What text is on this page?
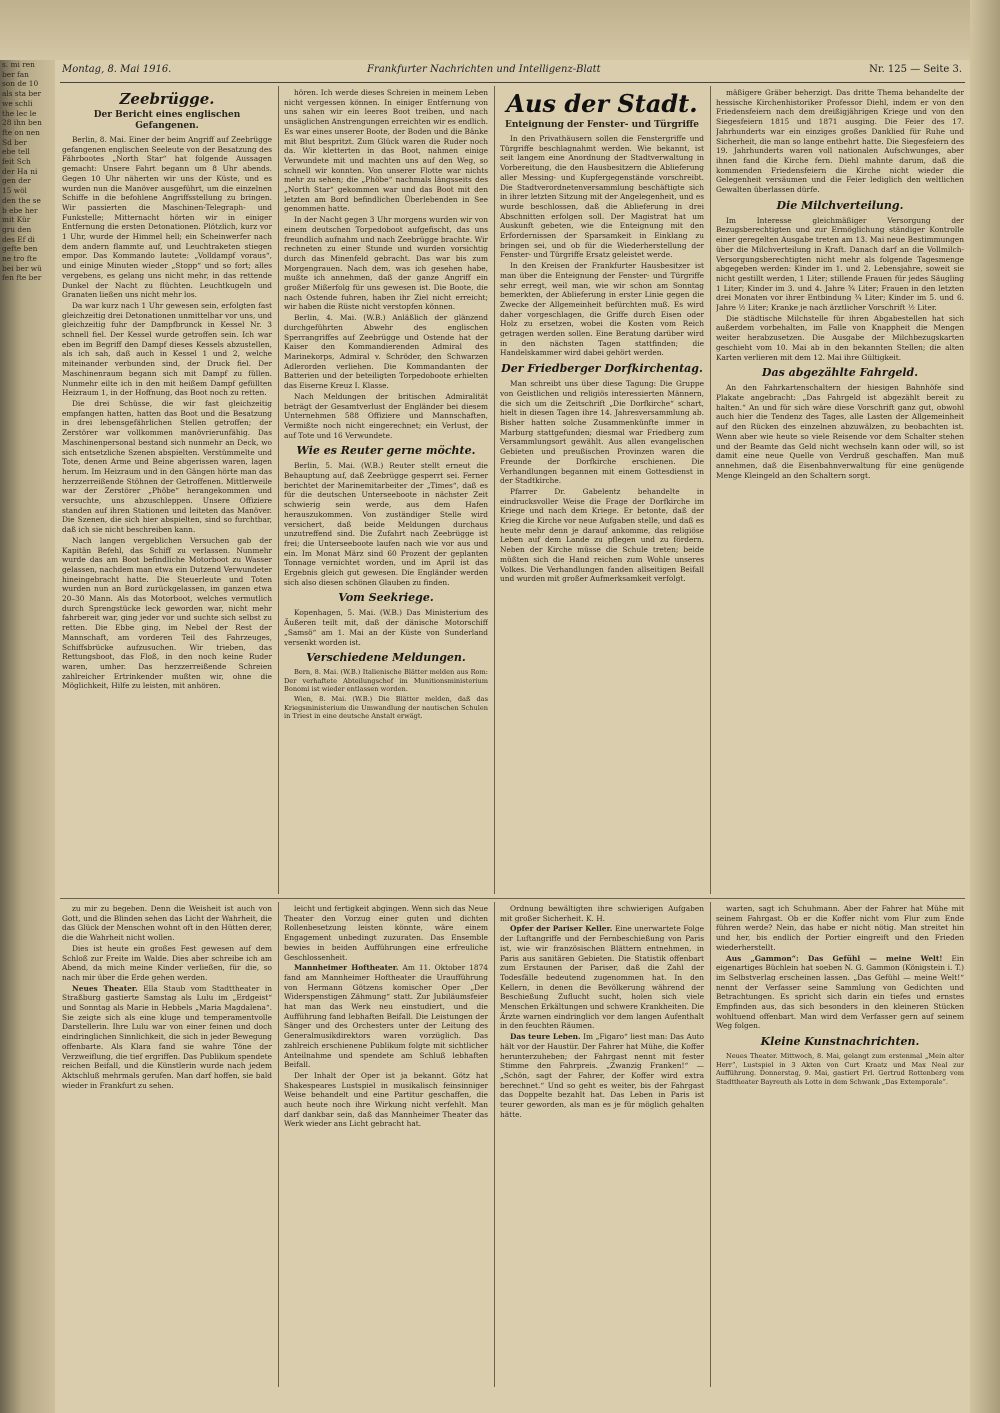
s. mi ren ber fan son de 10 als sta ber we schli the lec le 28 ihn ben fte on nen Sd ber ebe tell feit Sch der Ha ni gen der 15 wöl den the se b ebe her mit Kür gru den des Ef di gefte ben ne tro fte bei ber wü fen fte ber
Montag, 8. Mai 1916.	Frankfurter Nachrichten und Intelligenz-Blatt	Nr. 125 — Seite 3.
Zeebrügge.
Der Bericht eines englischen Gefangenen.

Berlin, 8. Mai. Einer der beim Angriff auf Zeebrügge gefangenen englischen Seeleute von der Besatzung des Fährbootes „North Star“ hat folgende Aussagen gemacht: Unsere Fahrt begann um 8 Uhr abends. Gegen 10 Uhr näherten wir uns der Küste, und es wurden nun die Manöver ausgeführt, um die einzelnen Schiffe in die befohlene Angriffsstellung zu bringen. Wir passierten die Maschinen-Telegraph- und Funkstelle; Mitternacht hörten wir in einiger Entfernung die ersten Detonationen. Plötzlich, kurz vor 1 Uhr, wurde der Himmel hell; ein Scheinwerfer nach dem andern flammte auf, und Leuchtraketen stiegen empor. Das Kommando lautete: „Volldampf voraus“, und einige Minuten wieder „Stopp“ und so fort; alles vergebens, es gelang uns nicht mehr, in das rettende Dunkel der Nacht zu flüchten. Leuchtkugeln und Granaten ließen uns nicht mehr los.

Da war kurz nach 1 Uhr gewesen sein, erfolgten fast gleichzeitig drei Detonationen unmittelbar vor uns, und gleichzeitig fuhr der Dampfbrunck in Kessel Nr. 3 schnell fiel. Der Kessel wurde getroffen sein. Ich war eben im Begriff den Dampf dieses Kessels abzustellen, als ich sah, daß auch in Kessel 1 und 2, welche miteinander verbunden sind, der Druck fiel. Der Maschinenraum begann sich mit Dampf zu füllen. Nunmehr eilte ich in den mit heißem Dampf gefüllten Heizraum 1, in der Hoffnung, das Boot noch zu retten.

Die drei Schüsse, die wir fast gleichzeitig empfangen hatten, hatten das Boot und die Besatzung in drei lebensgefährlichen Stellen getroffen; der Zerstörer war vollkommen manövrierunfähig. Das Maschinenpersonal bestand sich nunmehr an Deck, wo sich entsetzliche Szenen abspielten. Verstümmelte und Tote, denen Arme und Beine abgerissen waren, lagen herum. Im Heizraum und in den Gängen hörte man das herzzerreißende Stöhnen der Getroffenen. Mittlerweile war der Zerstörer „Phöbe“ herangekommen und versuchte, uns abzuschleppen. Unsere Offiziere standen auf ihren Stationen und leiteten das Manöver. Die Szenen, die sich hier abspielten, sind so furchtbar, daß ich sie nicht beschreiben kann.

Nach langen vergeblichen Versuchen gab der Kapitän Befehl, das Schiff zu verlassen. Nunmehr wurde das am Boot befindliche Motorboot zu Wasser gelassen, nachdem man etwa ein Dutzend Verwundeter hineingebracht hatte. Die Steuerleute und Toten wurden nun an Bord zurückgelassen, im ganzen etwa 20–30 Mann. Als das Motorboot, welches vermutlich durch Sprengstücke leck geworden war, nicht mehr fahrbereit war, ging jeder vor und suchte sich selbst zu retten. Die Ebbe ging, im Nebel der Rest der Mannschaft, am vorderen Teil des Fahrzeuges, Schiffsbrücke aufzusuchen. Wir trieben, das Rettungsboot, das Floß, in den noch keine Ruder waren, umher. Das herzzerreißende Schreien zahlreicher Ertrinkender mußten wir, ohne die Möglichkeit, Hilfe zu leisten, mit anhören.

hören. Ich werde dieses Schreien in meinem Leben nicht vergessen können. In einiger Entfernung von uns sahen wir ein leeres Boot treiben, und nach unsäglichen Anstrengungen erreichten wir es endlich. Es war eines unserer Boote, der Boden und die Bänke mit Blut bespritzt. Zum Glück waren die Ruder noch da. Wir kletterten in das Boot, nahmen einige Verwundete mit und machten uns auf den Weg, so schnell wir konnten. Von unserer Flotte war nichts mehr zu sehen; die „Phöbe“ nachmals längsseits des „North Star“ gekommen war und das Boot mit den letzten am Bord befindlichen Überlebenden in See genommen hatte.

In der Nacht gegen 3 Uhr morgens wurden wir von einem deutschen Torpedoboot aufgefischt, das uns freundlich aufnahm und nach Zeebrügge brachte. Wir rechneten zu einer Stunde und wurden vorsichtig durch das Minenfeld gebracht. Das war bis zum Morgengrauen. Nach dem, was ich gesehen habe, mußte ich annehmen, daß der ganze Angriff ein großer Mißerfolg für uns gewesen ist. Die Boote, die nach Ostende fuhren, haben ihr Ziel nicht erreicht; wir haben die Rüste nicht verstopfen können.

Berlin, 4. Mai. (W.B.) Anläßlich der glänzend durchgeführten Abwehr des englischen Sperrangriffes auf Zeebrügge und Ostende hat der Kaiser den Kommandierenden Admiral des Marinekorps, Admiral v. Schröder, den Schwarzen Adlerorden verliehen. Die Kommandanten der Batterien und der beteiligten Torpedoboote erhielten das Eiserne Kreuz I. Klasse.

Nach Meldungen der britischen Admiralität beträgt der Gesamtverlust der Engländer bei diesem Unternehmen 588 Offiziere und Mannschaften, Vermißte noch nicht eingerechnet; ein Verlust, der auf Tote und 16 Verwundete.

Wie es Reuter gerne möchte.

Berlin, 5. Mai. (W.B.) Reuter stellt erneut die Behauptung auf, daß Zeebrügge gesperrt sei. Ferner berichtet der Marinemitarbeiter der „Times“, daß es für die deutschen Unterseeboote in nächster Zeit schwierig sein werde, aus dem Hafen herauszukommen. Von zuständiger Stelle wird versichert, daß beide Meldungen durchaus unzutreffend sind. Die Zufahrt nach Zeebrügge ist frei; die Unterseeboote laufen nach wie vor aus und ein. Im Monat März sind 60 Prozent der geplanten Tonnage vernichtet worden, und im April ist das Ergebnis gleich gut gewesen. Die Engländer werden sich also diesen schönen Glauben zu finden.

Vom Seekriege.

Kopenhagen, 5. Mai. (W.B.) Das Ministerium des Äußeren teilt mit, daß der dänische Motorschiff „Samsö“ am 1. Mai an der Küste von Sunderland versenkt worden ist.

Verschiedene Meldungen.

Bern, 8. Mai. (W.B.) Italienische Blätter melden aus Rom: Der verhaftete Abteilungschef im Munitionsministerium Bonomi ist wieder entlassen worden.

Wien, 8. Mai. (W.B.) Die Blätter melden, daß das Kriegsministerium die Umwandlung der nautischen Schulen in Triest in eine deutsche Anstalt erwägt.

Aus der Stadt.
Enteignung der Fenster- und Türgriffe

In den Privathäusern sollen die Fenstergriffe und Türgriffe beschlagnahmt werden. Wie bekannt, ist seit langem eine Anordnung der Stadtverwaltung in Vorbereitung, die den Hausbesitzern die Ablieferung aller Messing- und Kupfergegenstände vorschreibt. Die Stadtverordnetenversammlung beschäftigte sich in ihrer letzten Sitzung mit der Angelegenheit, und es wurde beschlossen, daß die Ablieferung in drei Abschnitten erfolgen soll. Der Magistrat hat um Auskunft gebeten, wie die Enteignung mit den Erfordernissen der Sparsamkeit in Einklang zu bringen sei, und ob für die Wiederherstellung der Fenster- und Türgriffe Ersatz geleistet werde.

In den Kreisen der Frankfurter Hausbesitzer ist man über die Enteignung der Fenster- und Türgriffe sehr erregt, weil man, wie wir schon am Sonntag bemerkten, der Ablieferung in erster Linie gegen die Zwecke der Allgemeinheit befürchten muß. Es wird daher vorgeschlagen, die Griffe durch Eisen oder Holz zu ersetzen, wobei die Kosten vom Reich getragen werden sollen. Eine Beratung darüber wird in den nächsten Tagen stattfinden; die Handelskammer wird dabei gehört werden.

Der Friedberger Dorfkirchentag.

Man schreibt uns über diese Tagung: Die Gruppe von Geistlichen und religiös interessierten Männern, die sich um die Zeitschrift „Die Dorfkirche“ schart, hielt in diesen Tagen ihre 14. Jahresversammlung ab. Bisher hatten solche Zusammenkünfte immer in Marburg stattgefunden; diesmal war Friedberg zum Versammlungsort gewählt. Aus allen evangelischen Gebieten und preußischen Provinzen waren die Freunde der Dorfkirche erschienen. Die Verhandlungen begannen mit einem Gottesdienst in der Stadtkirche.

Pfarrer Dr. Gabelentz behandelte in eindrucksvoller Weise die Frage der Dorfkirche im Kriege und nach dem Kriege. Er betonte, daß der Krieg die Kirche vor neue Aufgaben stelle, und daß es heute mehr denn je darauf ankomme, das religiöse Leben auf dem Lande zu pflegen und zu fördern. Neben der Kirche müsse die Schule treten; beide müßten sich die Hand reichen zum Wohle unseres Volkes. Die Verhandlungen fanden allseitigen Beifall und wurden mit großer Aufmerksamkeit verfolgt.

mäßigere Gräber beherzigt. Das dritte Thema behandelte der hessische Kirchenhistoriker Professor Diehl, indem er von den Friedensfeiern nach dem dreißigjährigen Kriege und von den Siegesfeiern 1815 und 1871 ausging. Die Feier des 17. Jahrhunderts war ein einziges großes Danklied für Ruhe und Sicherheit, die man so lange entbehrt hatte. Die Siegesfeiern des 19. Jahrhunderts waren voll nationalen Aufschwunges, aber ihnen fand die Kirche fern. Diehl mahnte darum, daß die kommenden Friedensfeiern die Kirche nicht wieder die Gelegenheit versäumen und die Feier lediglich den weltlichen Gewalten überlassen dürfe.

Die Milchverteilung.

Im Interesse gleichmäßiger Versorgung der Bezugsberechtigten und zur Ermöglichung ständiger Kontrolle einer geregelten Ausgabe treten am 13. Mai neue Bestimmungen über die Milchverteilung in Kraft. Danach darf an die Vollmilch-Versorgungsberechtigten nicht mehr als folgende Tagesmenge abgegeben werden: Kinder im 1. und 2. Lebensjahre, soweit sie nicht gestillt werden, 1 Liter; stillende Frauen für jedes Säugling 1 Liter; Kinder im 3. und 4. Jahre ¾ Liter; Frauen in den letzten drei Monaten vor ihrer Entbindung ¾ Liter; Kinder im 5. und 6. Jahre ½ Liter; Kranke je nach ärztlicher Vorschrift ½ Liter.

Die städtische Milchstelle für ihren Abgabestellen hat sich außerdem vorbehalten, im Falle von Knappheit die Mengen weiter herabzusetzen. Die Ausgabe der Milchbezugskarten geschieht vom 10. Mai ab in den bekannten Stellen; die alten Karten verlieren mit dem 12. Mai ihre Gültigkeit.

Das abgezählte Fahrgeld.

An den Fahrkartenschaltern der hiesigen Bahnhöfe sind Plakate angebracht: „Das Fahrgeld ist abgezählt bereit zu halten.“ An und für sich wäre diese Vorschrift ganz gut, obwohl auch hier die Tendenz des Tages, alle Lasten der Allgemeinheit auf den Rücken des einzelnen abzuwälzen, zu beobachten ist. Wenn aber wie heute so viele Reisende vor dem Schalter stehen und der Beamte das Geld nicht wechseln kann oder will, so ist damit eine neue Quelle von Verdruß geschaffen. Man muß annehmen, daß die Eisenbahnverwaltung für eine genügende Menge Kleingeld an den Schaltern sorgt.

zu mir zu begeben. Denn die Weisheit ist auch von Gott, und die Blinden sehen das Licht der Wahrheit, die das Glück der Menschen wohnt oft in den Hütten derer, die die Wahrheit nicht wollen.

Dies ist heute ein großes Fest gewesen auf dem Schloß zur Freite im Walde. Dies aber schreibe ich am Abend, da mich meine Kinder verließen, für die, so nach mir über die Erde gehen werden.

Neues Theater. Ella Staub vom Stadttheater in Straßburg gastierte Samstag als Lulu im „Erdgeist“ und Sonntag als Marie in Hebbels „Maria Magdalena“. Sie zeigte sich als eine kluge und temperamentvolle Darstellerin. Ihre Lulu war von einer feinen und doch eindringlichen Sinnlichkeit, die sich in jeder Bewegung offenbarte. Als Klara fand sie wahre Töne der Verzweiflung, die tief ergriffen. Das Publikum spendete reichen Beifall, und die Künstlerin wurde nach jedem Aktschluß mehrmals gerufen. Man darf hoffen, sie bald wieder in Frankfurt zu sehen.

leicht und fertigkeit abgingen. Wenn sich das Neue Theater den Vorzug einer guten und dichten Rollenbesetzung leisten könnte, wäre einem Engagement unbedingt zuzuraten. Das Ensemble bewies in beiden Aufführungen eine erfreuliche Geschlossenheit.

Mannheimer Hoftheater. Am 11. Oktober 1874 fand am Mannheimer Hoftheater die Uraufführung von Hermann Götzens komischer Oper „Der Widerspenstigen Zähmung“ statt. Zur Jubiläumsfeier hat man das Werk neu einstudiert, und die Aufführung fand lebhaften Beifall. Die Leistungen der Sänger und des Orchesters unter der Leitung des Generalmusikdirektors waren vorzüglich. Das zahlreich erschienene Publikum folgte mit sichtlicher Anteilnahme und spendete am Schluß lebhaften Beifall.

Der Inhalt der Oper ist ja bekannt. Götz hat Shakespeares Lustspiel in musikalisch feinsinniger Weise behandelt und eine Partitur geschaffen, die auch heute noch ihre Wirkung nicht verfehlt. Man darf dankbar sein, daß das Mannheimer Theater das Werk wieder ans Licht gebracht hat.

Ordnung bewältigten ihre schwierigen Aufgaben mit großer Sicherheit. K. H.

Opfer der Pariser Keller. Eine unerwartete Folge der Luftangriffe und der Fernbeschießung von Paris ist, wie wir französischen Blättern entnehmen, in Paris aus sanitären Gebieten. Die Statistik offenbart zum Erstaunen der Pariser, daß die Zahl der Todesfälle bedeutend zugenommen hat. In den Kellern, in denen die Bevölkerung während der Beschießung Zuflucht sucht, holen sich viele Menschen Erkältungen und schwere Krankheiten. Die Ärzte warnen eindringlich vor dem langen Aufenthalt in den feuchten Räumen.

Das teure Leben. Im „Figaro“ liest man: Das Auto hält vor der Haustür. Der Fahrer hat Mühe, die Koffer herunterzuheben; der Fahrgast nennt mit fester Stimme den Fahrpreis. „Zwanzig Franken!“ — „Schön, sagt der Fahrer, der Koffer wird extra berechnet.“ Und so geht es weiter, bis der Fahrgast das Doppelte bezahlt hat. Das Leben in Paris ist teurer geworden, als man es je für möglich gehalten hätte.

warten, sagt ich Schuhmann. Aber der Fahrer hat Mühe mit seinem Fahrgast. Ob er die Koffer nicht vom Flur zum Ende führen werde? Nein, das habe er nicht nötig. Man streitet hin und her, bis endlich der Portier eingreift und den Frieden wiederherstellt.

Aus „Gammon“: Das Gefühl — meine Welt! Ein eigenartiges Büchlein hat soeben N. G. Gammon (Königstein i. T.) im Selbstverlag erscheinen lassen. „Das Gefühl — meine Welt!“ nennt der Verfasser seine Sammlung von Gedichten und Betrachtungen. Es spricht sich darin ein tiefes und ernstes Empfinden aus, das sich besonders in den kleineren Stücken wohltuend offenbart. Man wird dem Verfasser gern auf seinem Weg folgen.

Kleine Kunstnachrichten.

Neues Theater. Mittwoch, 8. Mai, gelangt zum erstenmal „Mein alter Herr“, Lustspiel in 3 Akten von Curt Kraatz und Max Neal zur Aufführung. Donnerstag, 9. Mai, gastiert Frl. Gertrud Rottenberg vom Stadttheater Bayreuth als Lotte in dem Schwank „Das Extemporale“.
